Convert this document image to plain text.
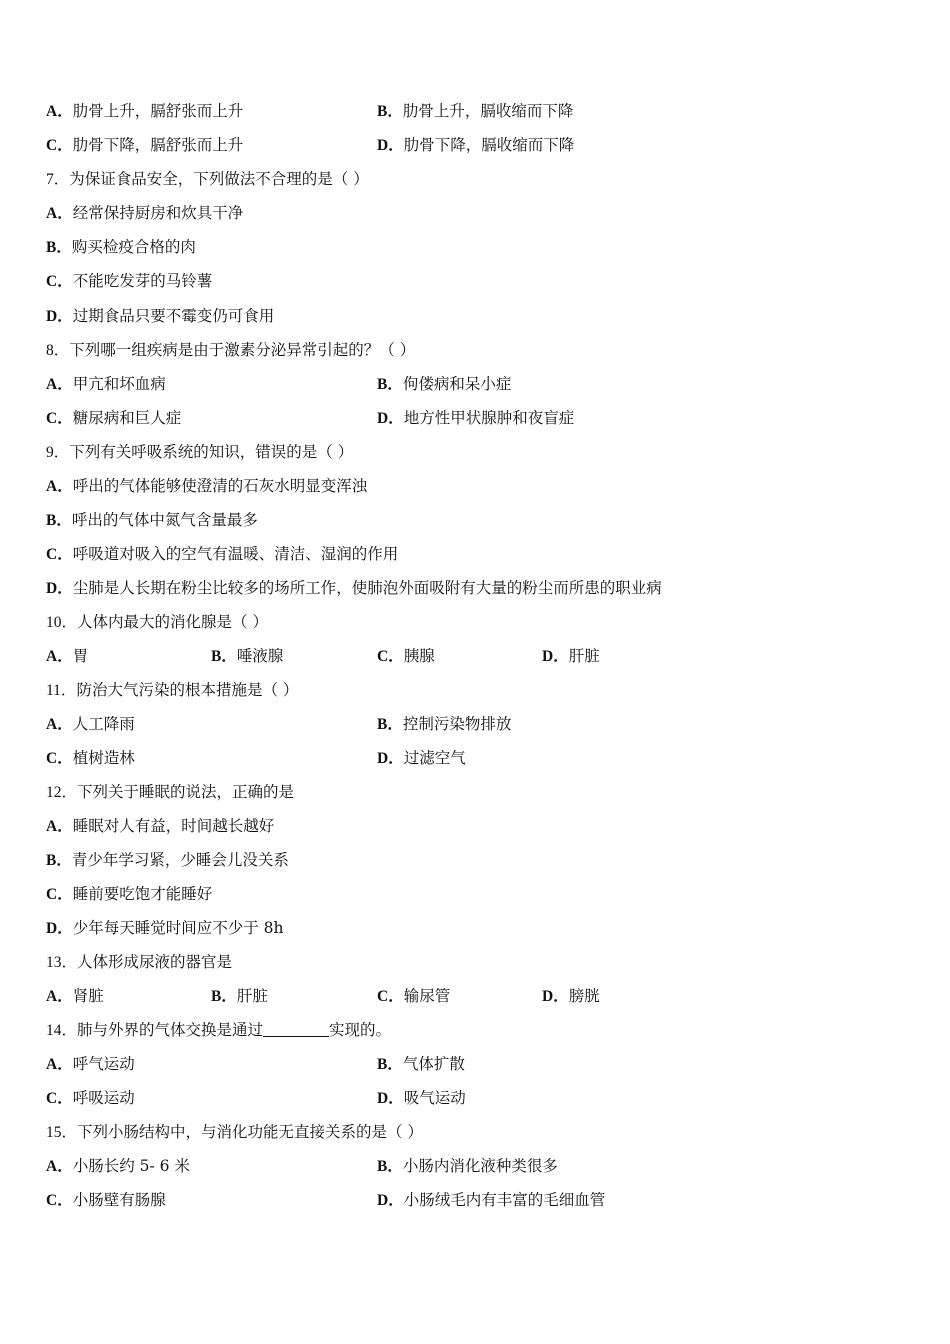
A．肋骨上升，膈舒张而上升	B．肋骨上升，膈收缩而下降
C．肋骨下降，膈舒张而上升	D．肋骨下降，膈收缩而下降
7．为保证食品安全，下列做法不合理的是（ ）
A．经常保持厨房和炊具干净
B．购买检疫合格的肉
C．不能吃发芽的马铃薯
D．过期食品只要不霉变仍可食用
8．下列哪一组疾病是由于激素分泌异常引起的？（ ）
A．甲亢和坏血病	B．佝偻病和呆小症
C．糖尿病和巨人症	D．地方性甲状腺肿和夜盲症
9．下列有关呼吸系统的知识，错误的是（ ）
A．呼出的气体能够使澄清的石灰水明显变浑浊
B．呼出的气体中氮气含量最多
C．呼吸道对吸入的空气有温暖、清洁、湿润的作用
D．尘肺是人长期在粉尘比较多的场所工作，使肺泡外面吸附有大量的粉尘而所患的职业病
10．人体内最大的消化腺是（ ）
A．胃	B．唾液腺	C．胰腺	D．肝脏
11．防治大气污染的根本措施是（ ）
A．人工降雨	B．控制污染物排放
C．植树造林	D．过滤空气
12．下列关于睡眠的说法，正确的是
A．睡眠对人有益，时间越长越好
B．青少年学习紧，少睡会儿没关系
C．睡前要吃饱才能睡好
D．少年每天睡觉时间应不少于 8h
13．人体形成尿液的器官是
A．肾脏	B．肝脏	C．输尿管	D．膀胱
14．肺与外界的气体交换是通过	实现的。
A．呼气运动	B．气体扩散
C．呼吸运动	D．吸气运动
15．下列小肠结构中，与消化功能无直接关系的是（ ）
A．小肠长约 5- 6 米	B．小肠内消化液种类很多
C．小肠壁有肠腺	D．小肠绒毛内有丰富的毛细血管
